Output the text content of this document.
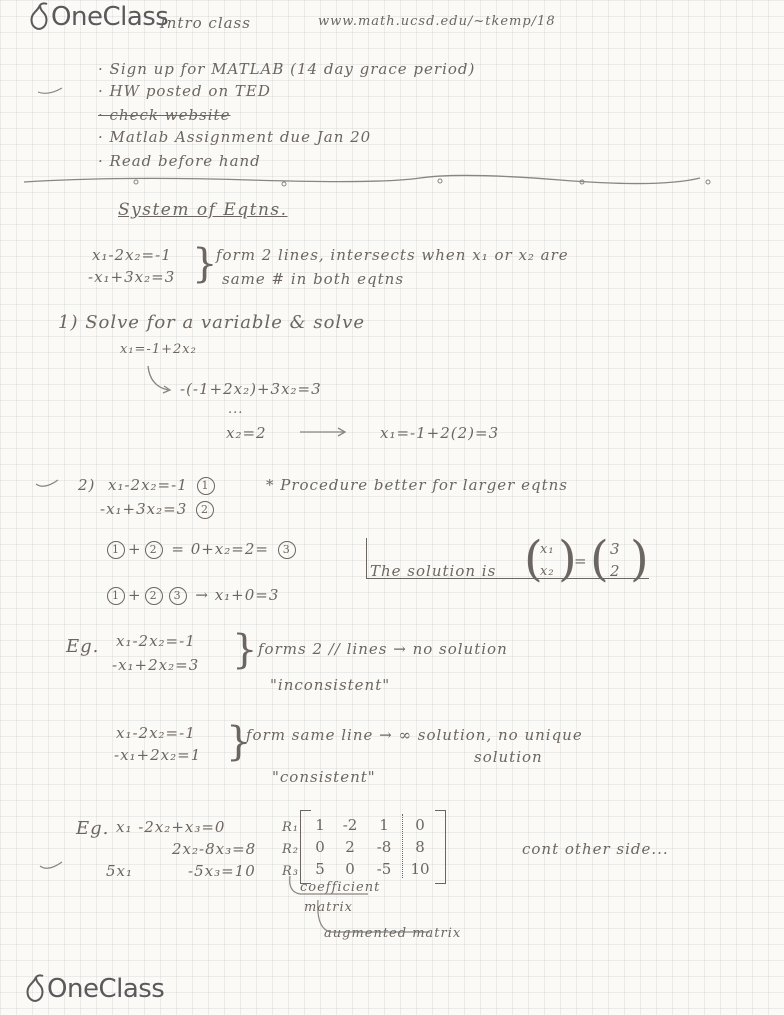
OneClass
- Intro class	www.math.ucsd.edu/~tkemp/18
· Sign up for MATLAB (14 day grace period)
· HW posted on TED
· check website
· Matlab Assignment due Jan 20
· Read before hand
System of Eqtns.
x₁-2x₂=-1
-x₁+3x₂=3 }
form 2 lines, intersects when x₁ or x₂ are
same # in both eqtns
1) Solve for a variable & solve
x₁=-1+2x₂
-(-1+2x₂)+3x₂=3
...
x₂=2	x₁=-1+2(2)=3
2) x₁-2x₂=-1 1	* Procedure better for larger eqtns
-x₁+3x₂=3 2
1 + 2 = 0+x₂=2= 3
1 + 2 3 → x₁+0=3
The solution is (
x₁
x₂ )
= ( 3
2 )
Eg. x₁-2x₂=-1
-x₁+2x₂=3 } forms 2 // lines → no solution
"inconsistent"
x₁-2x₂=-1
-x₁+2x₂=1 }
form same line → ∞ solution, no unique
solution
"consistent"
Eg. x₁ -2x₂+x₃=0
2x₂-8x₃=8
5x₁	-5x₃=10
R₁
R₂
R₃
1	-2	1	0
0	2	-8	8
5	0	-5	10
coefficient
matrix
augmented matrix
cont other side...
OneClass
